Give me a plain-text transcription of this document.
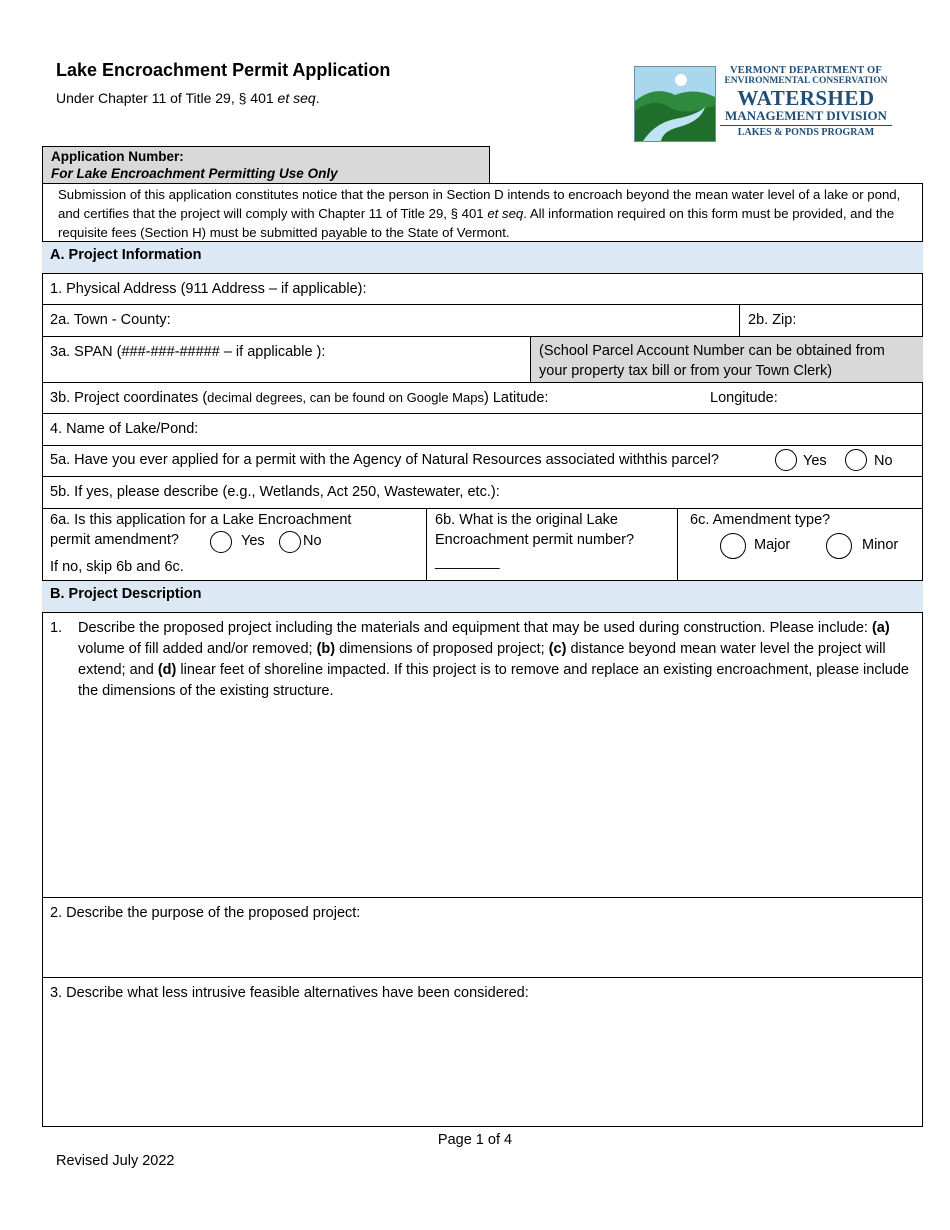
Lake Encroachment Permit Application
Under Chapter 11 of Title 29, § 401 et seq.
VERMONT DEPARTMENT OF
ENVIRONMENTAL CONSERVATION
WATERSHED
MANAGEMENT DIVISION
LAKES & PONDS PROGRAM
Application Number:
For Lake Encroachment Permitting Use Only
Submission of this application constitutes notice that the person in Section D intends to encroach beyond the mean water level of a lake or pond, and certifies that the project will comply with Chapter 11 of Title 29, § 401 et seq. All information required on this form must be provided, and the requisite fees (Section H) must be submitted payable to the State of Vermont.
A. Project Information
1. Physical Address (911 Address – if applicable):
2a. Town - County:	2b. Zip:
3a. SPAN (###-###-##### – if applicable ):	(School Parcel Account Number can be obtained from your property tax bill or from your Town Clerk)
3b. Project coordinates (decimal degrees, can be found on Google Maps) Latitude:	Longitude:
4. Name of Lake/Pond:
5a. Have you ever applied for a permit with the Agency of Natural Resources associated withthis parcel?	Yes	No
5b. If yes, please describe (e.g., Wetlands, Act 250, Wastewater, etc.):
6a. Is this application for a Lake Encroachment
permit amendment?	Yes	No
If no, skip 6b and 6c.
6b. What is the original Lake
Encroachment permit number?
________
6c. Amendment type?
Major	Minor
B. Project Description
1. Describe the proposed project including the materials and equipment that may be used during construction. Please include: (a) volume of fill added and/or removed; (b) dimensions of proposed project; (c) distance beyond mean water level the project will extend; and (d) linear feet of shoreline impacted. If this project is to remove and replace an existing encroachment, please include the dimensions of the existing structure.
2. Describe the purpose of the proposed project:
3. Describe what less intrusive feasible alternatives have been considered:
Page 1 of 4
Revised July 2022
